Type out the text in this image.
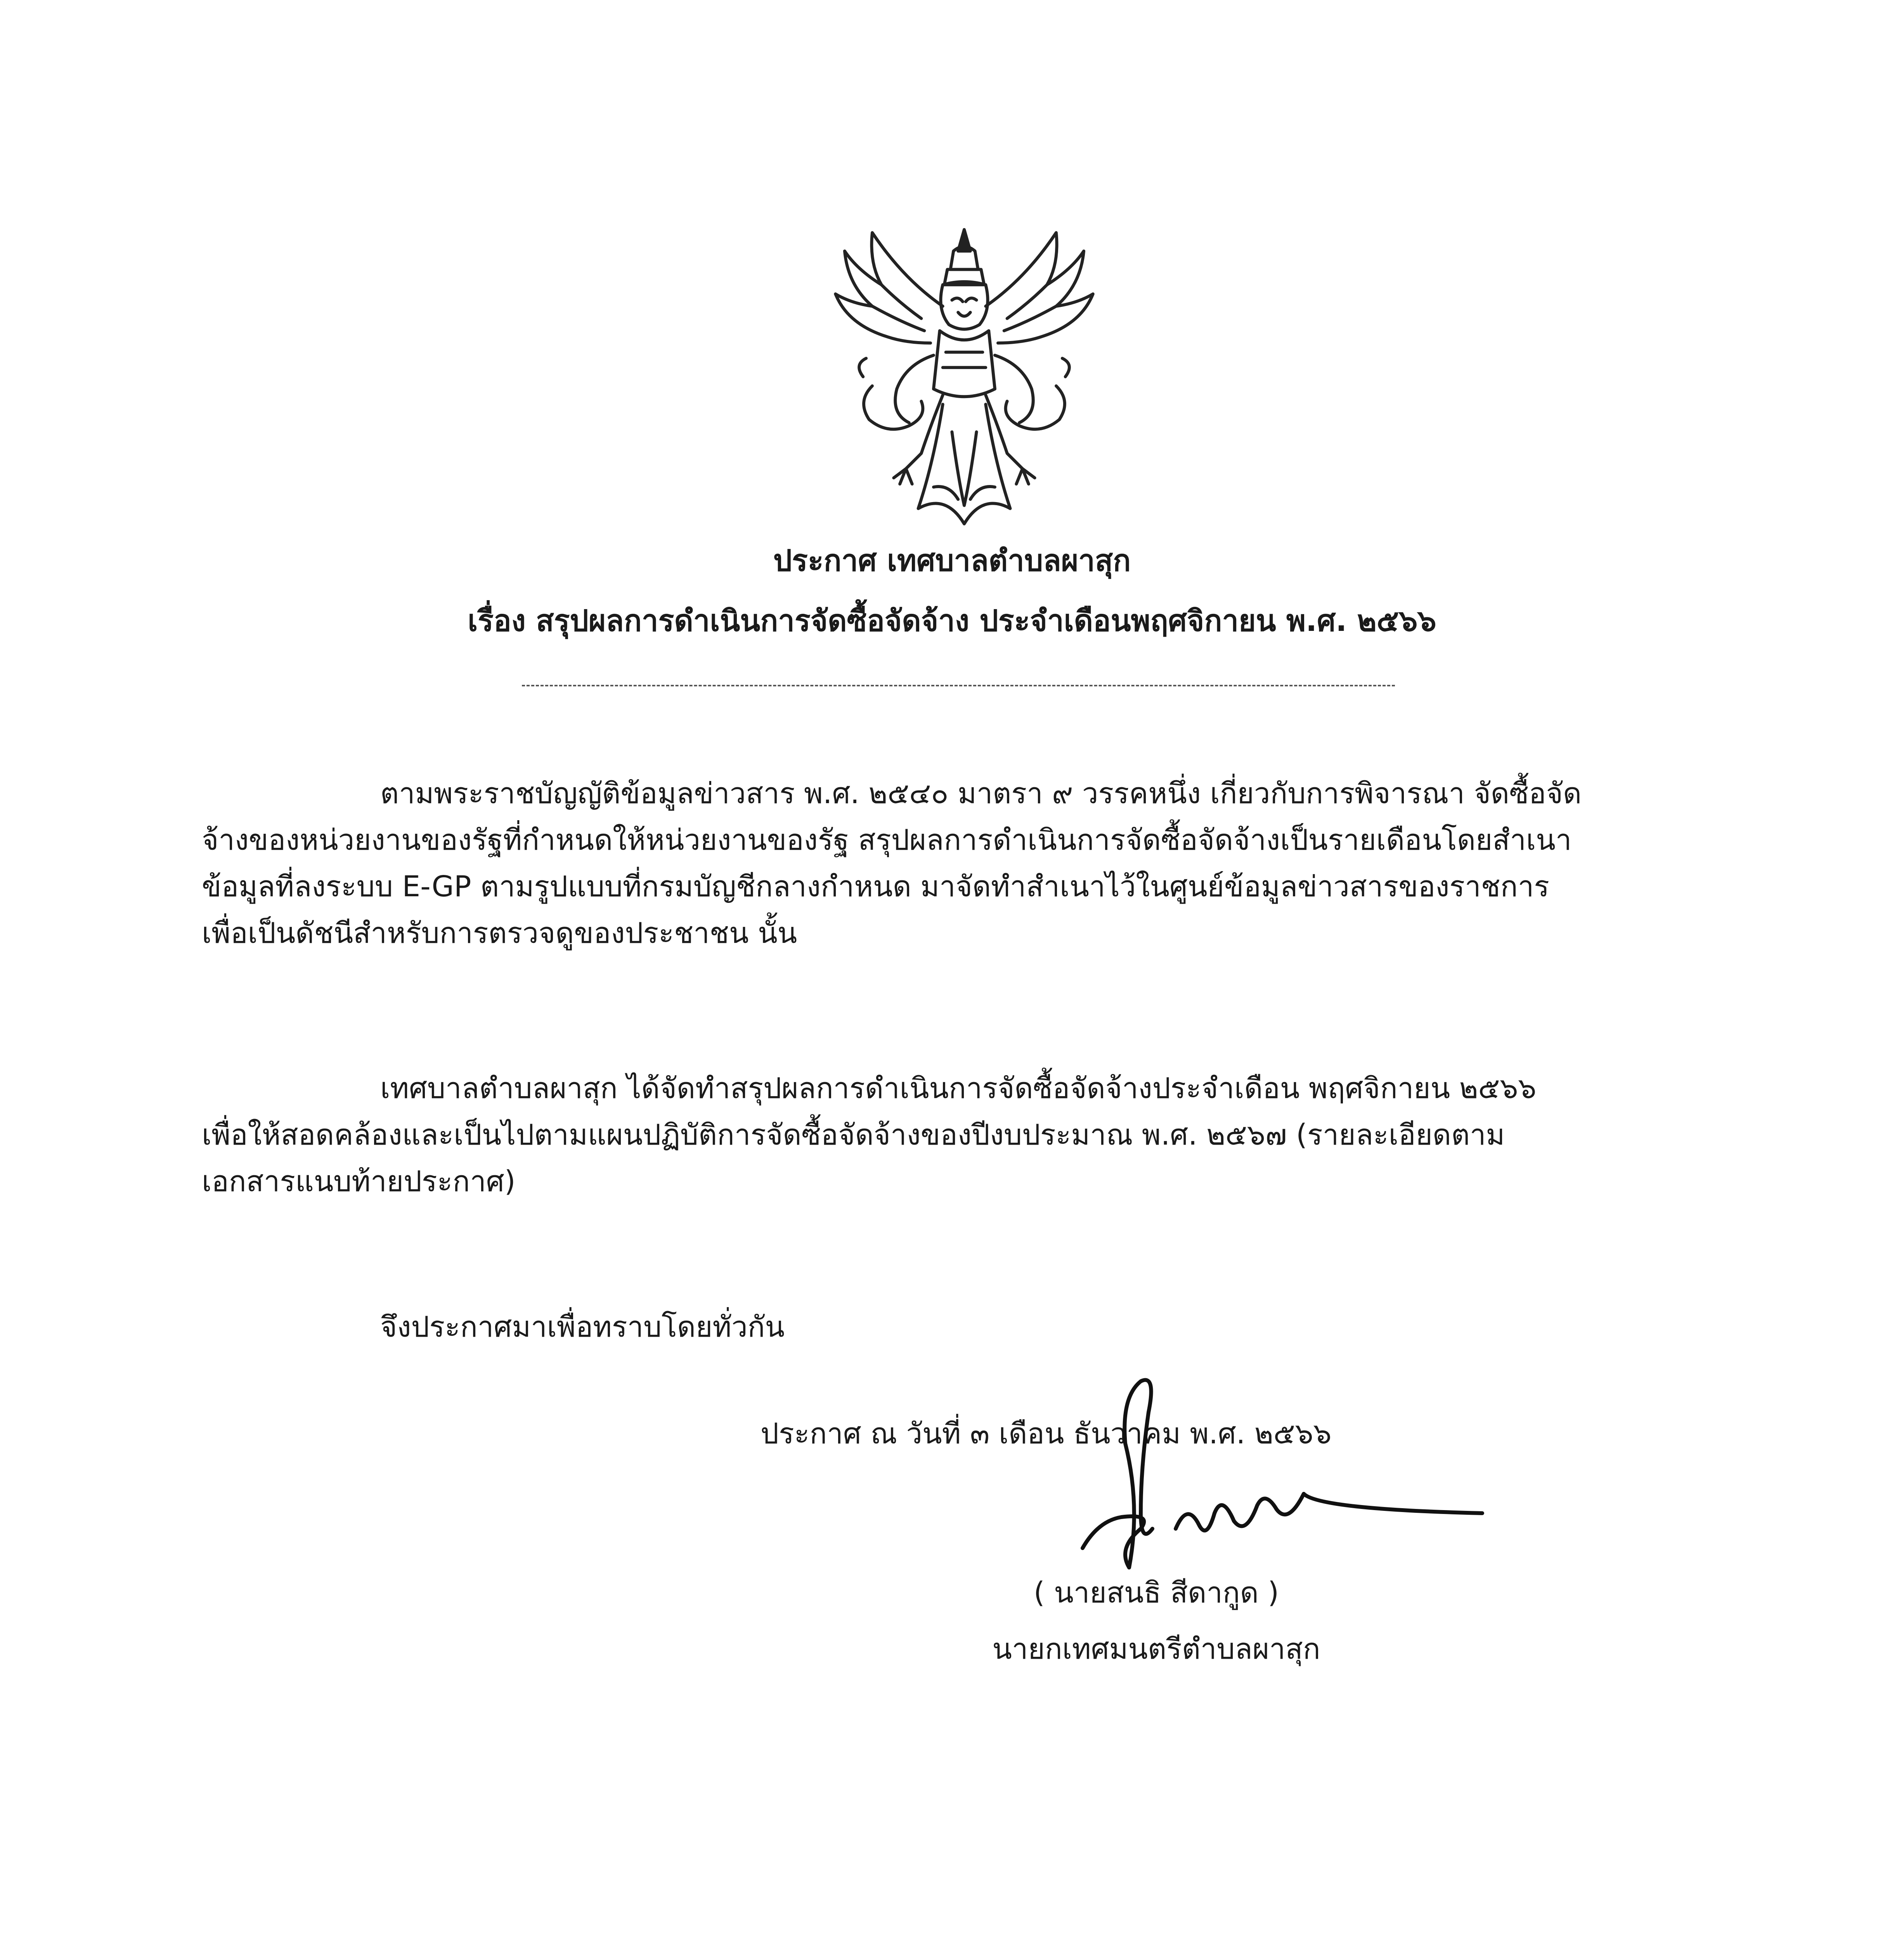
ประกาศ เทศบาลตำบลผาสุก
เรื่อง สรุปผลการดำเนินการจัดซื้อจัดจ้าง ประจำเดือนพฤศจิกายน พ.ศ. ๒๕๖๖
ตามพระราชบัญญัติข้อมูลข่าวสาร พ.ศ. ๒๕๔๐ มาตรา ๙ วรรคหนึ่ง เกี่ยวกับการพิจารณา จัดซื้อจัด
จ้างของหน่วยงานของรัฐที่กำหนดให้หน่วยงานของรัฐ สรุปผลการดำเนินการจัดซื้อจัดจ้างเป็นรายเดือนโดยสำเนา
ข้อมูลที่ลงระบบ E-GP ตามรูปแบบที่กรมบัญชีกลางกำหนด มาจัดทำสำเนาไว้ในศูนย์ข้อมูลข่าวสารของราชการ
เพื่อเป็นดัชนีสำหรับการตรวจดูของประชาชน นั้น
เทศบาลตำบลผาสุก ได้จัดทำสรุปผลการดำเนินการจัดซื้อจัดจ้างประจำเดือน พฤศจิกายน ๒๕๖๖
เพื่อให้สอดคล้องและเป็นไปตามแผนปฏิบัติการจัดซื้อจัดจ้างของปีงบประมาณ พ.ศ. ๒๕๖๗ (รายละเอียดตาม
เอกสารแนบท้ายประกาศ)
จึงประกาศมาเพื่อทราบโดยทั่วกัน
ประกาศ ณ วันที่ ๓ เดือน ธันวาคม พ.ศ. ๒๕๖๖
( นายสนธิ สีดากูด )
นายกเทศมนตรีตำบลผาสุก
